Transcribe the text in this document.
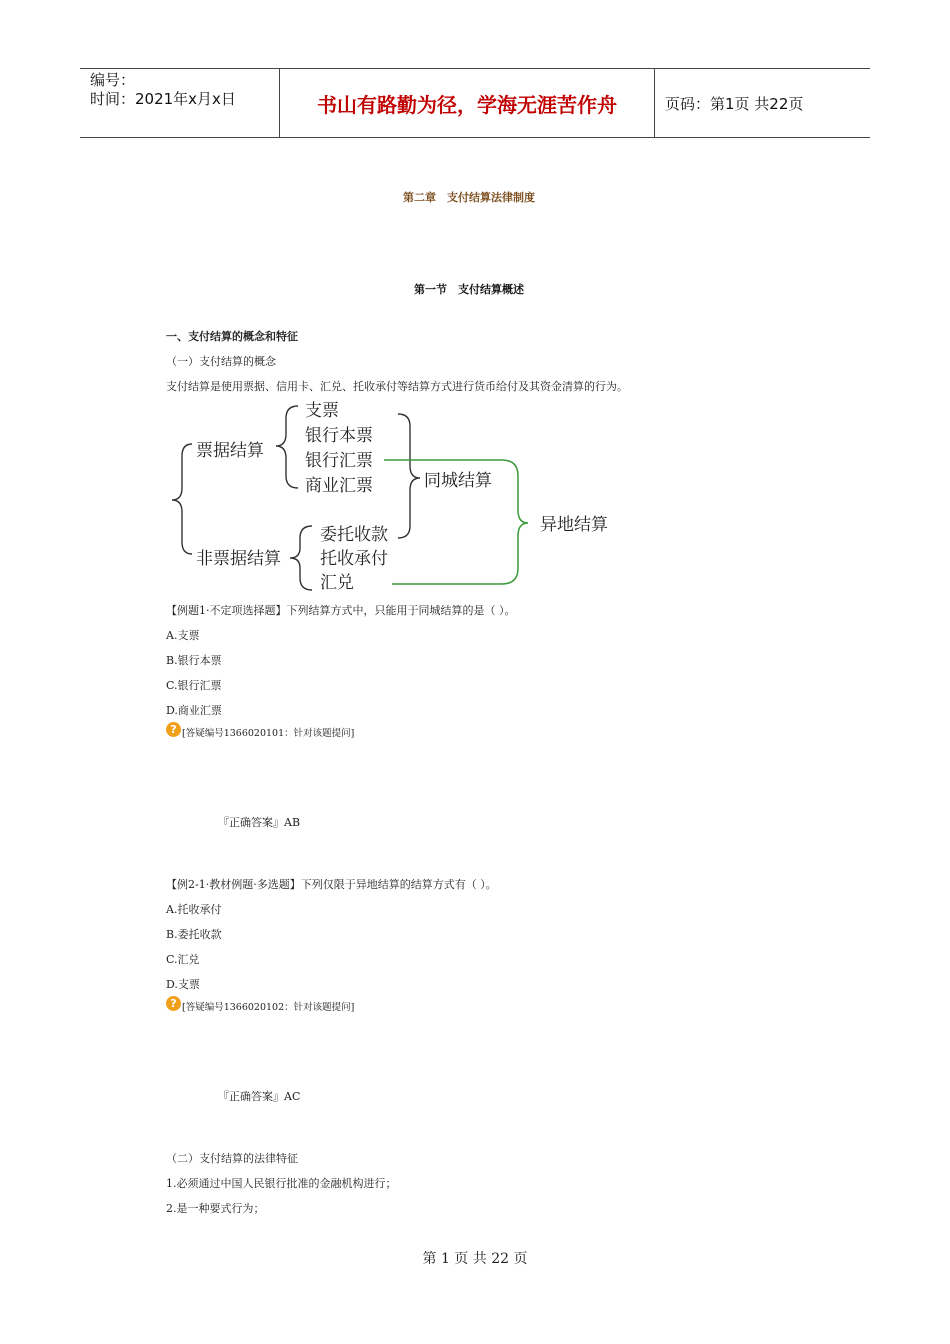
编号：
时间：2021年x月x日	书山有路勤为径，学海无涯苦作舟	页码：第1页 共22页
第二章　支付结算法律制度
第一节　支付结算概述
一、支付结算的概念和特征
（一）支付结算的概念
支付结算是使用票据、信用卡、汇兑、托收承付等结算方式进行货币给付及其资金清算的行为。
票据结算
非票据结算
支票
银行本票
银行汇票
商业汇票
委托收款
托收承付
汇兑
同城结算
异地结算
【例题1·不定项选择题】下列结算方式中，只能用于同城结算的是（ ）。
A.支票
B.银行本票
C.银行汇票
D.商业汇票
? [答疑编号1366020101：针对该题提问]
『正确答案』AB
【例2-1·教材例题·多选题】下列仅限于异地结算的结算方式有（ ）。
A.托收承付
B.委托收款
C.汇兑
D.支票
? [答疑编号1366020102：针对该题提问]
『正确答案』AC
（二）支付结算的法律特征
1.必须通过中国人民银行批准的金融机构进行；
2.是一种要式行为；
第 1 页 共 22 页
